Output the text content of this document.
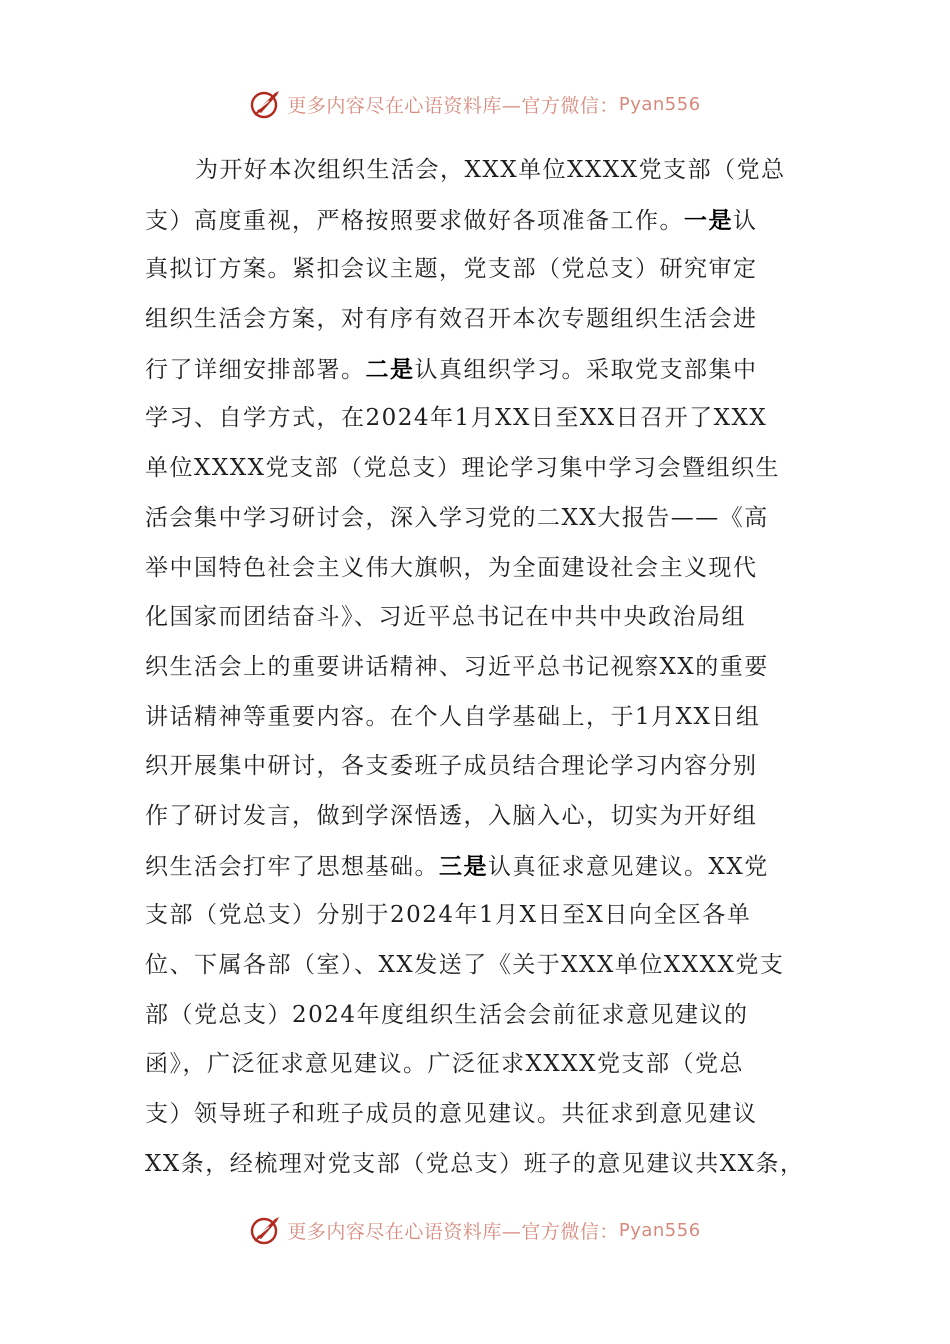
更多内容尽在心语资料库—官方微信： Pyan556
为开好本次组织生活会，XXX单位XXXX党支部（党总
支）高度重视，严格按照要求做好各项准备工作。一是认
真拟订方案。紧扣会议主题，党支部（党总支）研究审定
组织生活会方案，对有序有效召开本次专题组织生活会进
行了详细安排部署。二是认真组织学习。采取党支部集中
学习、自学方式，在2024年1月XX日至XX日召开了XXX
单位XXXX党支部（党总支）理论学习集中学习会暨组织生
活会集中学习研讨会，深入学习党的二XX大报告——《高
举中国特色社会主义伟大旗帜，为全面建设社会主义现代
化国家而团结奋斗》、习近平总书记在中共中央政治局组
织生活会上的重要讲话精神、习近平总书记视察XX的重要
讲话精神等重要内容。在个人自学基础上，于1月XX日组
织开展集中研讨，各支委班子成员结合理论学习内容分别
作了研讨发言，做到学深悟透，入脑入心，切实为开好组
织生活会打牢了思想基础。三是认真征求意见建议。XX党
支部（党总支）分别于2024年1月X日至X日向全区各单
位、下属各部（室）、XX发送了《关于XXX单位XXXX党支
部（党总支）2024年度组织生活会会前征求意见建议的
函》，广泛征求意见建议。广泛征求XXXX党支部（党总
支）领导班子和班子成员的意见建议。共征求到意见建议
XX条，经梳理对党支部（党总支）班子的意见建议共XX条，
更多内容尽在心语资料库—官方微信： Pyan556
